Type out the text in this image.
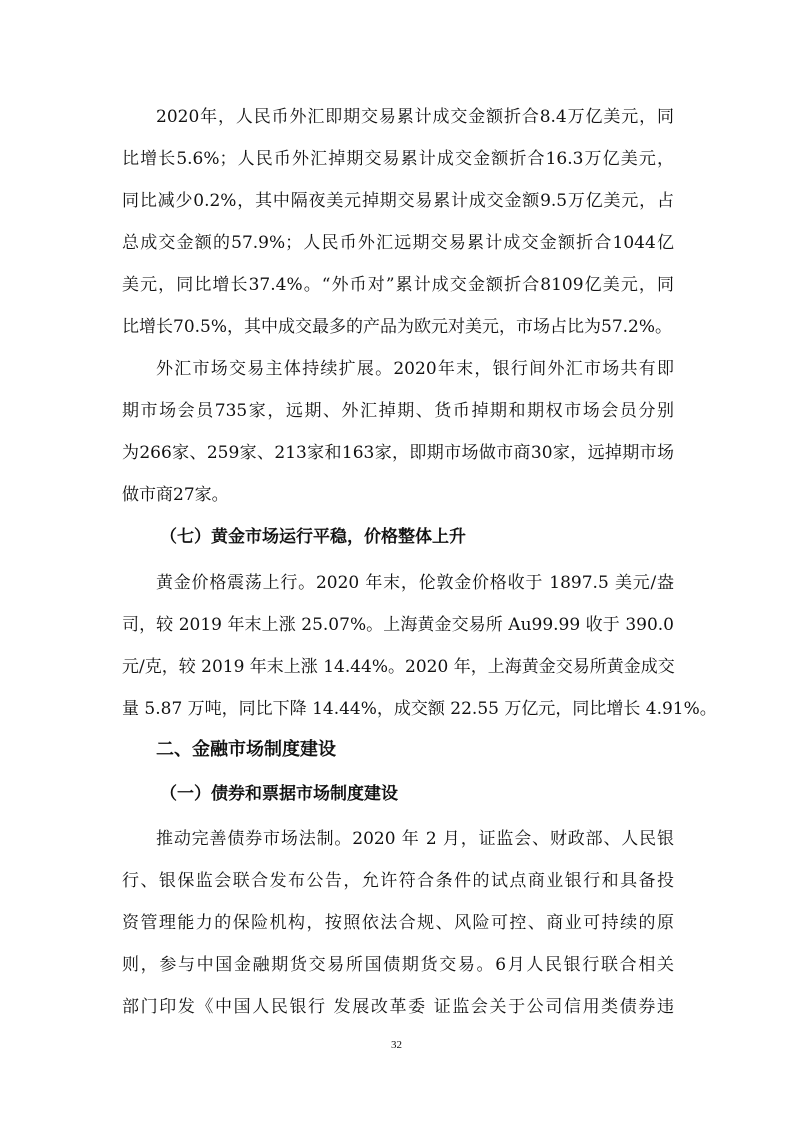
2020年，人民币外汇即期交易累计成交金额折合8.4万亿美元，同
比增长5.6%；人民币外汇掉期交易累计成交金额折合16.3万亿美元，
同比减少0.2%，其中隔夜美元掉期交易累计成交金额9.5万亿美元，占
总成交金额的57.9%；人民币外汇远期交易累计成交金额折合1044亿
美元，同比增长37.4%。“外币对”累计成交金额折合8109亿美元，同
比增长70.5%，其中成交最多的产品为欧元对美元，市场占比为57.2%。
外汇市场交易主体持续扩展。2020年末，银行间外汇市场共有即
期市场会员735家，远期、外汇掉期、货币掉期和期权市场会员分别
为266家、259家、213家和163家，即期市场做市商30家，远掉期市场
做市商27家。
（七）黄金市场运行平稳，价格整体上升
黄金价格震荡上行。2020 年末，伦敦金价格收于 1897.5 美元/盎
司，较 2019 年末上涨 25.07%。上海黄金交易所 Au99.99 收于 390.0
元/克，较 2019 年末上涨 14.44%。2020 年，上海黄金交易所黄金成交
量 5.87 万吨，同比下降 14.44%，成交额 22.55 万亿元，同比增长 4.91%。
二、金融市场制度建设
（一）债券和票据市场制度建设
推动完善债券市场法制。2020 年 2 月，证监会、财政部、人民银
行、银保监会联合发布公告，允许符合条件的试点商业银行和具备投
资管理能力的保险机构，按照依法合规、风险可控、商业可持续的原
则，参与中国金融期货交易所国债期货交易。6月人民银行联合相关
部门印发《中国人民银行 发展改革委 证监会关于公司信用类债券违
32
